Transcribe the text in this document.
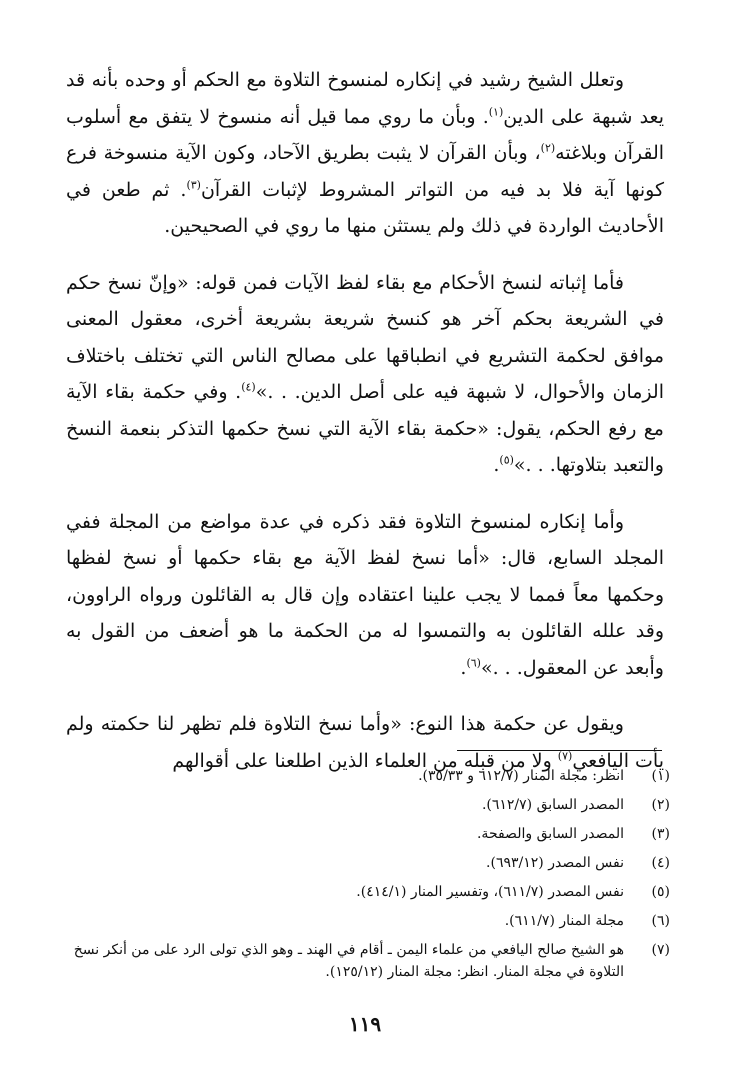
وتعلل الشيخ رشيد في إنكاره لمنسوخ التلاوة مع الحكم أو وحده بأنه قد يعد شبهة على الدين$^{(١)}$. وبأن ما روي مما قيل أنه منسوخ لا يتفق مع أسلوب القرآن وبلاغته$^{(٢)}$، وبأن القرآن لا يثبت بطريق الآحاد، وكون الآية منسوخة فرع كونها آية فلا بد فيه من التواتر المشروط لإثبات القرآن$^{(٣)}$. ثم طعن في الأحاديث الواردة في ذلك ولم يستثن منها ما روي في الصحيحين.

فأما إثباته لنسخ الأحكام مع بقاء لفظ الآيات فمن قوله: «وإنّ نسخ حكم في الشريعة بحكم آخر هو كنسخ شريعة بشريعة أخرى، معقول المعنى موافق لحكمة التشريع في انطباقها على مصالح الناس التي تختلف باختلاف الزمان والأحوال، لا شبهة فيه على أصل الدين. . .»$^{(٤)}$. وفي حكمة بقاء الآية مع رفع الحكم، يقول: «حكمة بقاء الآية التي نسخ حكمها التذكر بنعمة النسخ والتعبد بتلاوتها. . .»$^{(٥)}$.

وأما إنكاره لمنسوخ التلاوة فقد ذكره في عدة مواضع من المجلة ففي المجلد السابع، قال: «أما نسخ لفظ الآية مع بقاء حكمها أو نسخ لفظها وحكمها معاً فمما لا يجب علينا اعتقاده وإن قال به القائلون ورواه الراوون، وقد علله القائلون به والتمسوا له من الحكمة ما هو أضعف من القول به وأبعد عن المعقول. . .»$^{(٦)}$.

ويقول عن حكمة هذا النوع: «وأما نسخ التلاوة فلم تظهر لنا حكمته ولم يأت اليافعي$^{(٧)}$ ولا من قبله من العلماء الذين اطلعنا على أقوالهم

(١)
انظر: مجلة المنار (٦١٢/٧ و ٣٥/٣٣).
(٢)
المصدر السابق (٦١٢/٧).
(٣)
المصدر السابق والصفحة.
(٤)
نفس المصدر (٦٩٣/١٢).
(٥)
نفس المصدر (٦١١/٧)، وتفسير المنار (٤١٤/١).
(٦)
مجلة المنار (٦١١/٧).
(٧)
هو الشيخ صالح اليافعي من علماء اليمن ـ أقام في الهند ـ وهو الذي تولى الرد على من أنكر نسخ التلاوة في مجلة المنار. انظر: مجلة المنار (١٢٥/١٢).
١١٩
